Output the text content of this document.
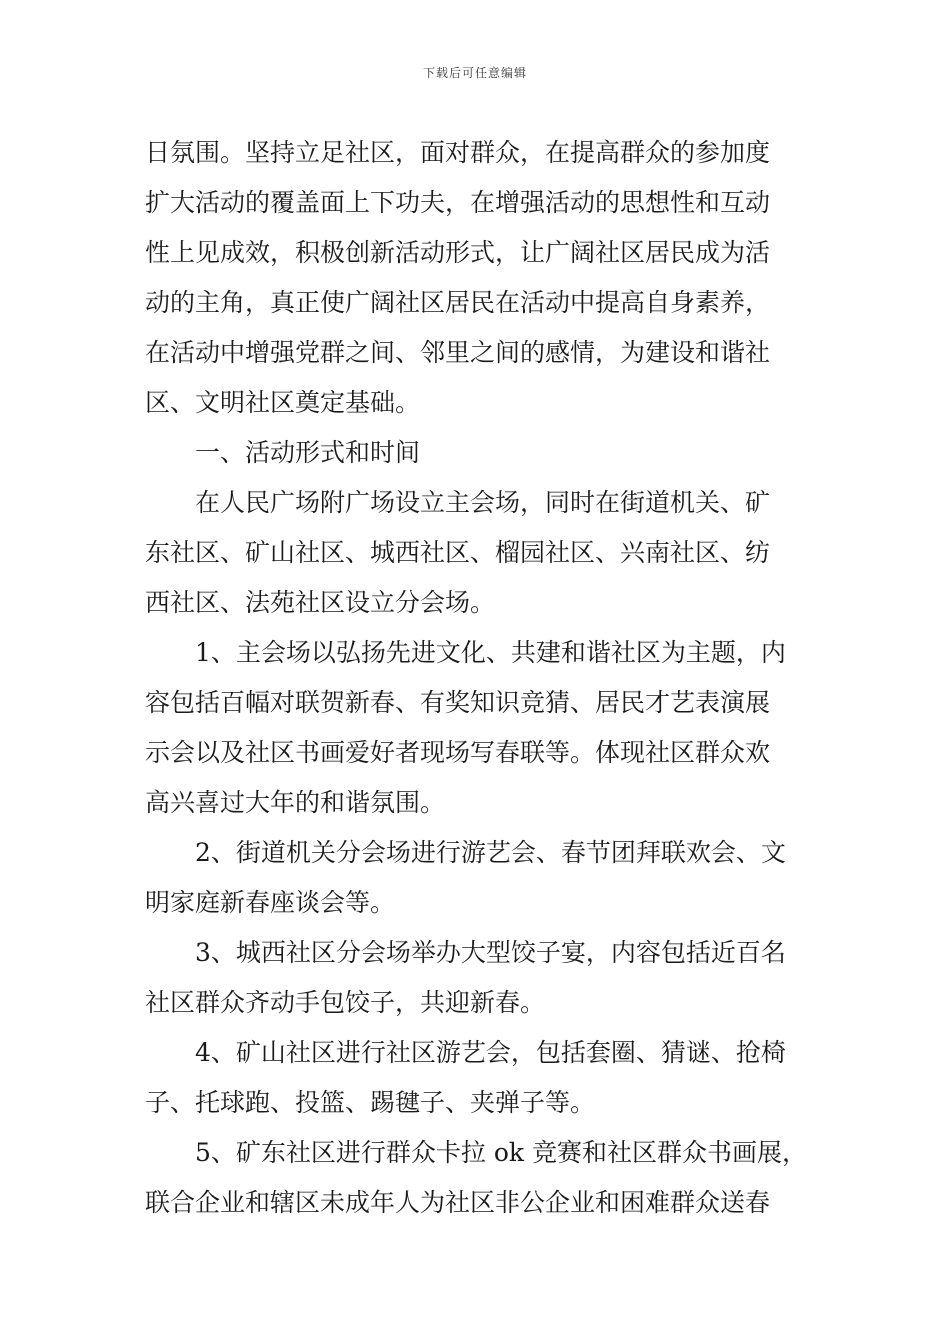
下载后可任意编辑
日氛围。坚持立足社区，面对群众，在提高群众的参加度
扩大活动的覆盖面上下功夫，在增强活动的思想性和互动
性上见成效，积极创新活动形式，让广阔社区居民成为活
动的主角，真正使广阔社区居民在活动中提高自身素养，
在活动中增强党群之间、邻里之间的感情，为建设和谐社
区、文明社区奠定基础。
一、活动形式和时间
在人民广场附广场设立主会场，同时在街道机关、矿
东社区、矿山社区、城西社区、榴园社区、兴南社区、纺
西社区、法苑社区设立分会场。
1、主会场以弘扬先进文化、共建和谐社区为主题，内
容包括百幅对联贺新春、有奖知识竞猜、居民才艺表演展
示会以及社区书画爱好者现场写春联等。体现社区群众欢
高兴喜过大年的和谐氛围。
2、街道机关分会场进行游艺会、春节团拜联欢会、文
明家庭新春座谈会等。
3、城西社区分会场举办大型饺子宴，内容包括近百名
社区群众齐动手包饺子，共迎新春。
4、矿山社区进行社区游艺会，包括套圈、猜谜、抢椅
子、托球跑、投篮、踢毽子、夹弹子等。
5、矿东社区进行群众卡拉 ok 竞赛和社区群众书画展，
联合企业和辖区未成年人为社区非公企业和困难群众送春
